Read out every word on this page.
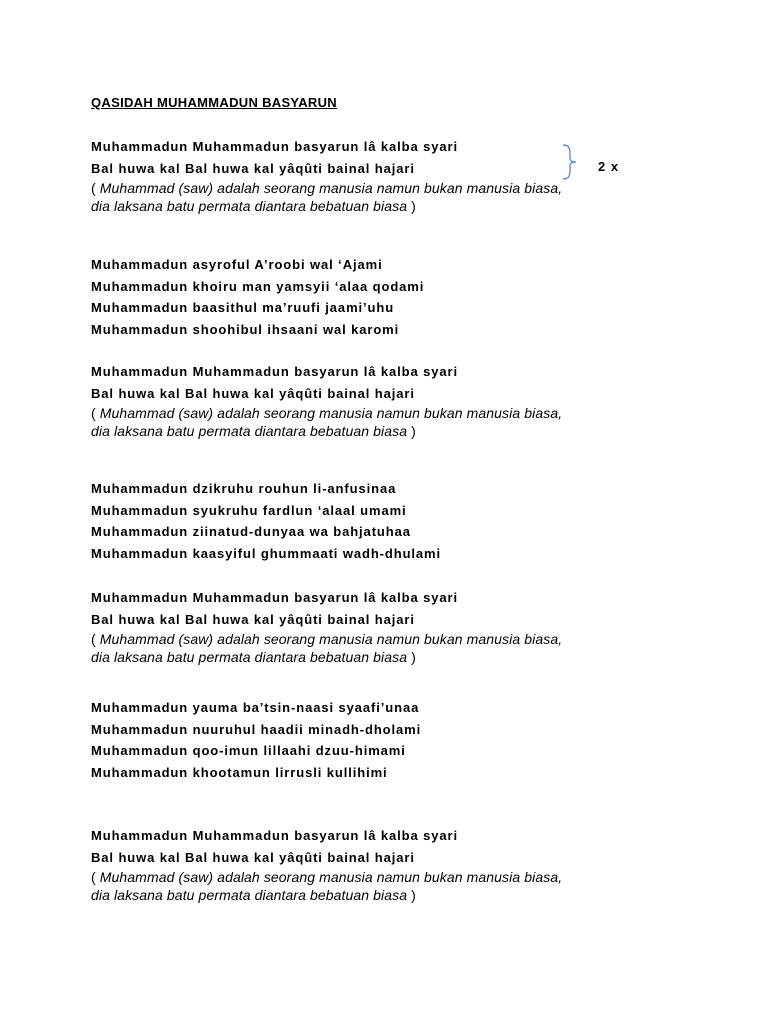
QASIDAH MUHAMMADUN BASYARUN
Muhammadun Muhammadun basyarun lâ kalba syari
Bal huwa kal Bal huwa kal yâqûti bainal hajari
( Muhammad (saw) adalah seorang manusia namun bukan manusia biasa,
dia laksana batu permata diantara bebatuan biasa )
2 x
Muhammadun asyroful A’roobi wal ‘Ajami
Muhammadun khoiru man yamsyii ‘alaa qodami
Muhammadun baasithul ma’ruufi jaami’uhu
Muhammadun shoohibul ihsaani wal karomi
Muhammadun Muhammadun basyarun lâ kalba syari
Bal huwa kal Bal huwa kal yâqûti bainal hajari
( Muhammad (saw) adalah seorang manusia namun bukan manusia biasa,
dia laksana batu permata diantara bebatuan biasa )
Muhammadun dzikruhu rouhun li-anfusinaa
Muhammadun syukruhu fardlun ‘alaal umami
Muhammadun ziinatud-dunyaa wa bahjatuhaa
Muhammadun kaasyiful ghummaati wadh-dhulami
Muhammadun Muhammadun basyarun lâ kalba syari
Bal huwa kal Bal huwa kal yâqûti bainal hajari
( Muhammad (saw) adalah seorang manusia namun bukan manusia biasa,
dia laksana batu permata diantara bebatuan biasa )
Muhammadun yauma ba’tsin-naasi syaafi’unaa
Muhammadun nuuruhul haadii minadh-dholami
Muhammadun qoo-imun lillaahi dzuu-himami
Muhammadun khootamun lirrusli kullihimi
Muhammadun Muhammadun basyarun lâ kalba syari
Bal huwa kal Bal huwa kal yâqûti bainal hajari
( Muhammad (saw) adalah seorang manusia namun bukan manusia biasa,
dia laksana batu permata diantara bebatuan biasa )
